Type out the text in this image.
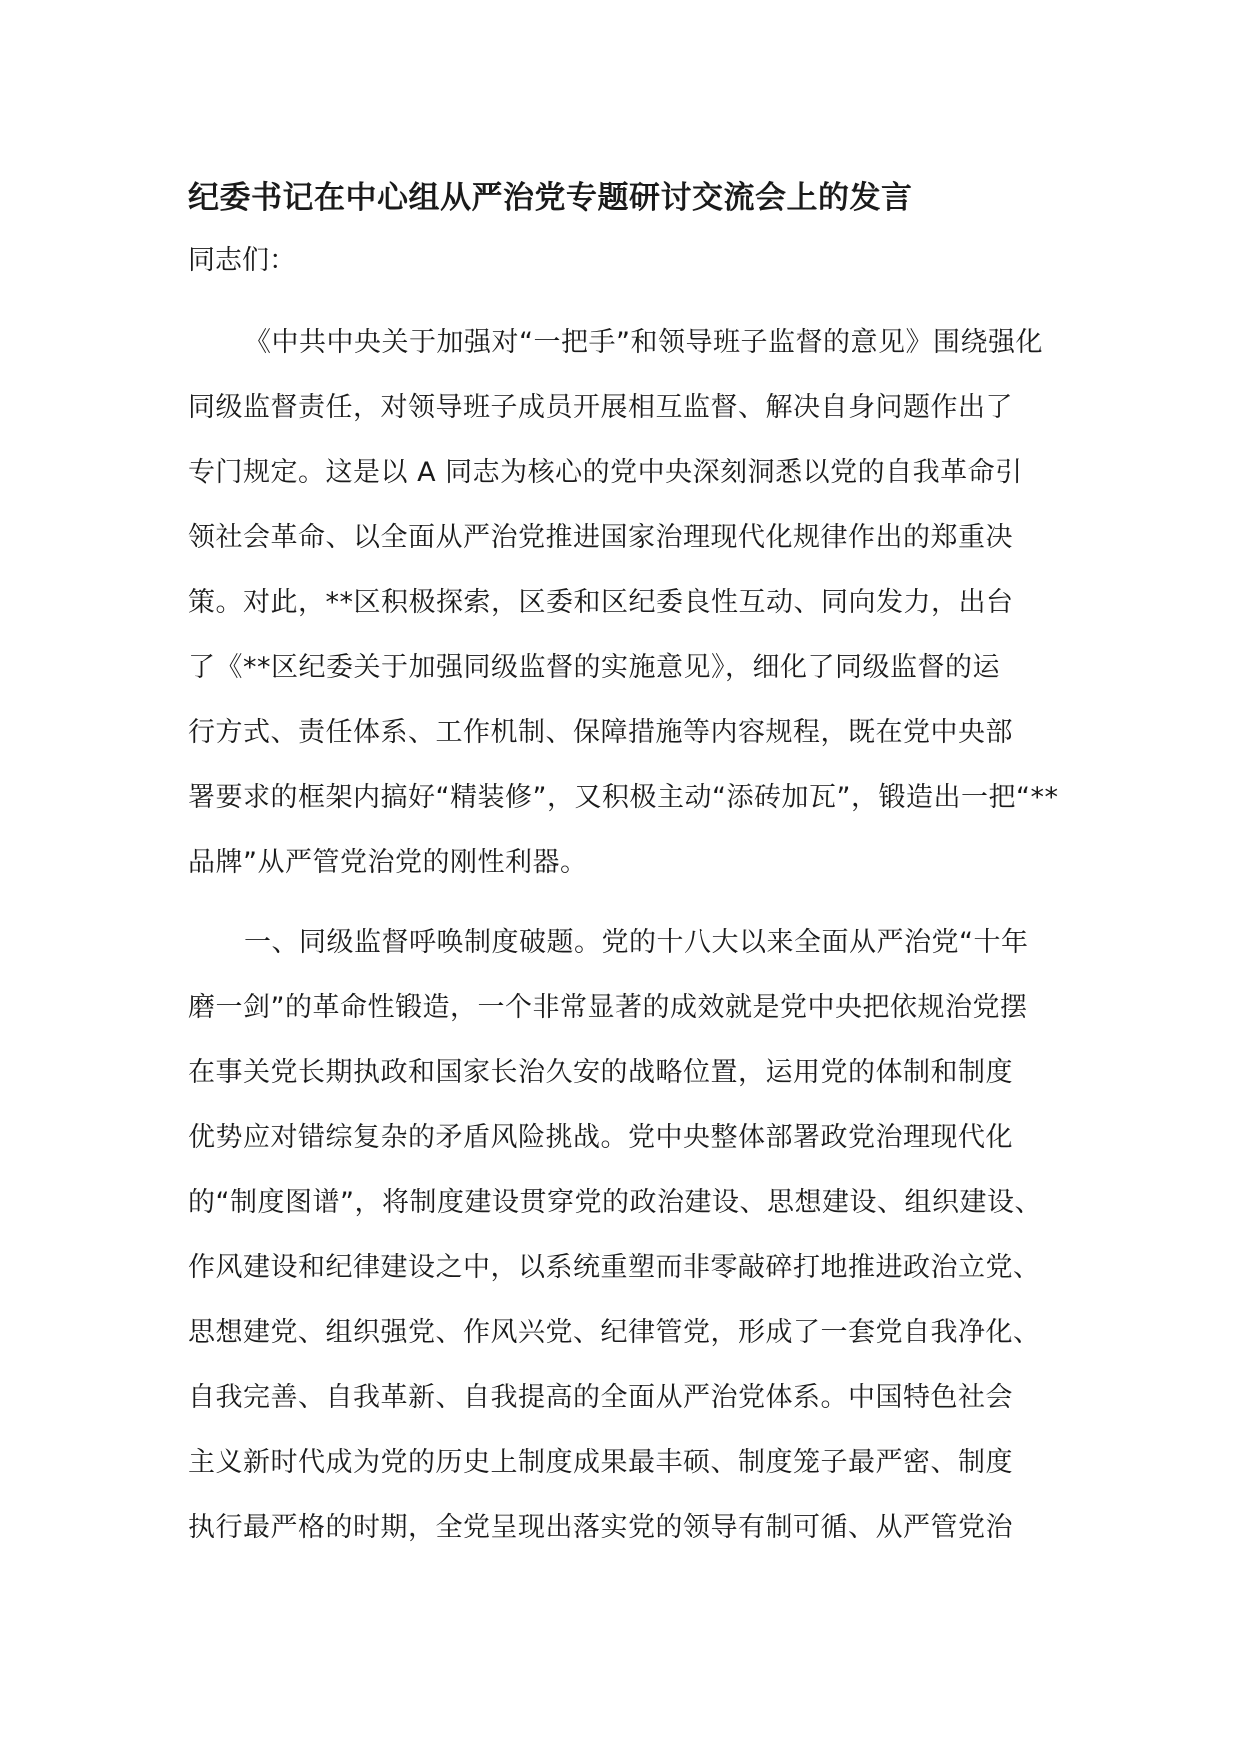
纪委书记在中心组从严治党专题研讨交流会上的发言
同志们：
《中共中央关于加强对“一把手”和领导班子监督的意见》围绕强化
同级监督责任，对领导班子成员开展相互监督、解决自身问题作出了
专门规定。这是以 A 同志为核心的党中央深刻洞悉以党的自我革命引
领社会革命、以全面从严治党推进国家治理现代化规律作出的郑重决
策。对此，**区积极探索，区委和区纪委良性互动、同向发力，出台
了《**区纪委关于加强同级监督的实施意见》，细化了同级监督的运
行方式、责任体系、工作机制、保障措施等内容规程，既在党中央部
署要求的框架内搞好“精装修”，又积极主动“添砖加瓦”，锻造出一把“**
品牌”从严管党治党的刚性利器。
一、同级监督呼唤制度破题。党的十八大以来全面从严治党“十年
磨一剑”的革命性锻造，一个非常显著的成效就是党中央把依规治党摆
在事关党长期执政和国家长治久安的战略位置，运用党的体制和制度
优势应对错综复杂的矛盾风险挑战。党中央整体部署政党治理现代化
的“制度图谱”，将制度建设贯穿党的政治建设、思想建设、组织建设、
作风建设和纪律建设之中，以系统重塑而非零敲碎打地推进政治立党、
思想建党、组织强党、作风兴党、纪律管党，形成了一套党自我净化、
自我完善、自我革新、自我提高的全面从严治党体系。中国特色社会
主义新时代成为党的历史上制度成果最丰硕、制度笼子最严密、制度
执行最严格的时期，全党呈现出落实党的领导有制可循、从严管党治
